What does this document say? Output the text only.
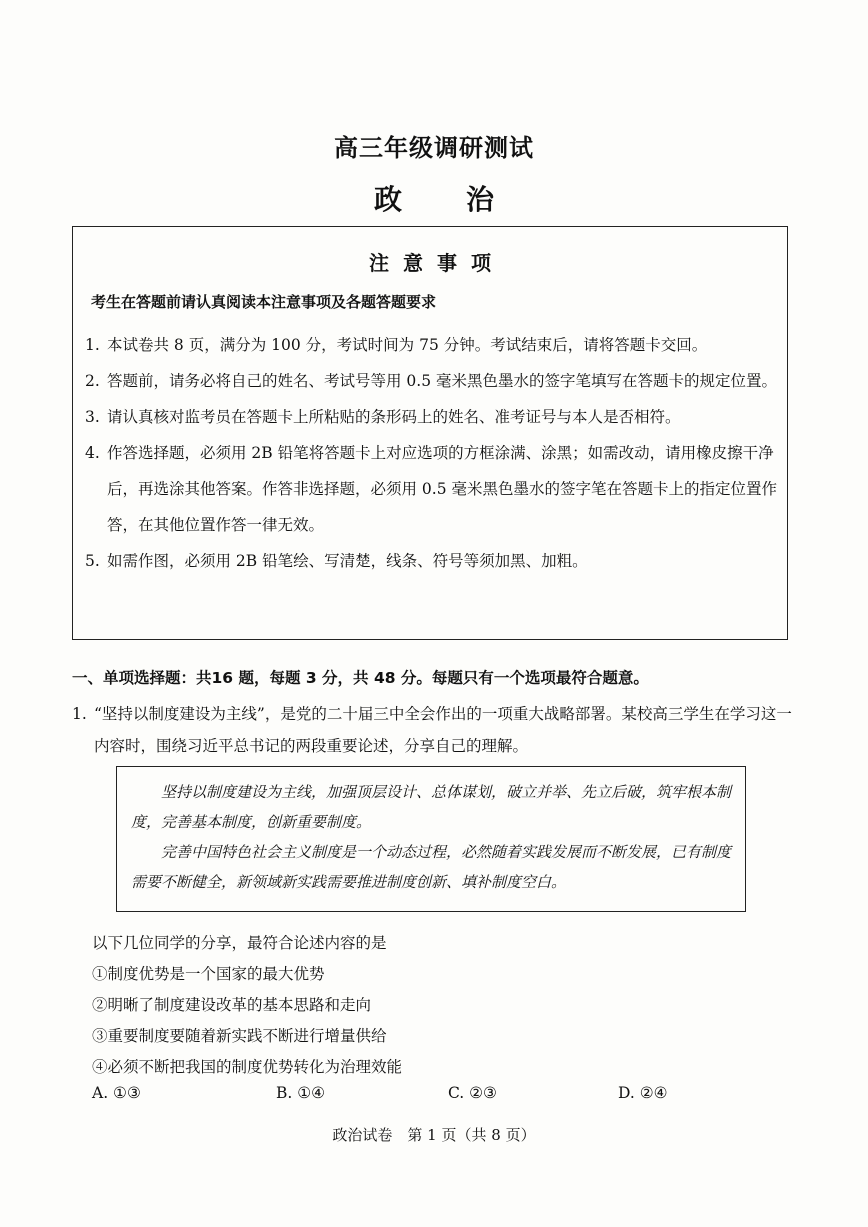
高三年级调研测试
政　治
注意事项
考生在答题前请认真阅读本注意事项及各题答题要求
1. 本试卷共 8 页，满分为 100 分，考试时间为 75 分钟。考试结束后，请将答题卡交回。
2. 答题前，请务必将自己的姓名、考试号等用 0.5 毫米黑色墨水的签字笔填写在答题卡的规定位置。
3. 请认真核对监考员在答题卡上所粘贴的条形码上的姓名、准考证号与本人是否相符。
4. 作答选择题，必须用 2B 铅笔将答题卡上对应选项的方框涂满、涂黑；如需改动，请用橡皮擦干净后，再选涂其他答案。作答非选择题，必须用 0.5 毫米黑色墨水的签字笔在答题卡上的指定位置作答，在其他位置作答一律无效。
5. 如需作图，必须用 2B 铅笔绘、写清楚，线条、符号等须加黑、加粗。
一、单项选择题：共16 题，每题 3 分，共 48 分。每题只有一个选项最符合题意。
1. “坚持以制度建设为主线”，是党的二十届三中全会作出的一项重大战略部署。某校高三学生在学习这一内容时，围绕习近平总书记的两段重要论述，分享自己的理解。

坚持以制度建设为主线，加强顶层设计、总体谋划，破立并举、先立后破，筑牢根本制度，完善基本制度，创新重要制度。

完善中国特色社会主义制度是一个动态过程，必然随着实践发展而不断发展，已有制度需要不断健全，新领域新实践需要推进制度创新、填补制度空白。

以下几位同学的分享，最符合论述内容的是
①制度优势是一个国家的最大优势
②明晰了制度建设改革的基本思路和走向
③重要制度要随着新实践不断进行增量供给
④必须不断把我国的制度优势转化为治理效能
A. ①③	B. ①④	C. ②③	D. ②④
政治试卷　第 1 页（共 8 页）
